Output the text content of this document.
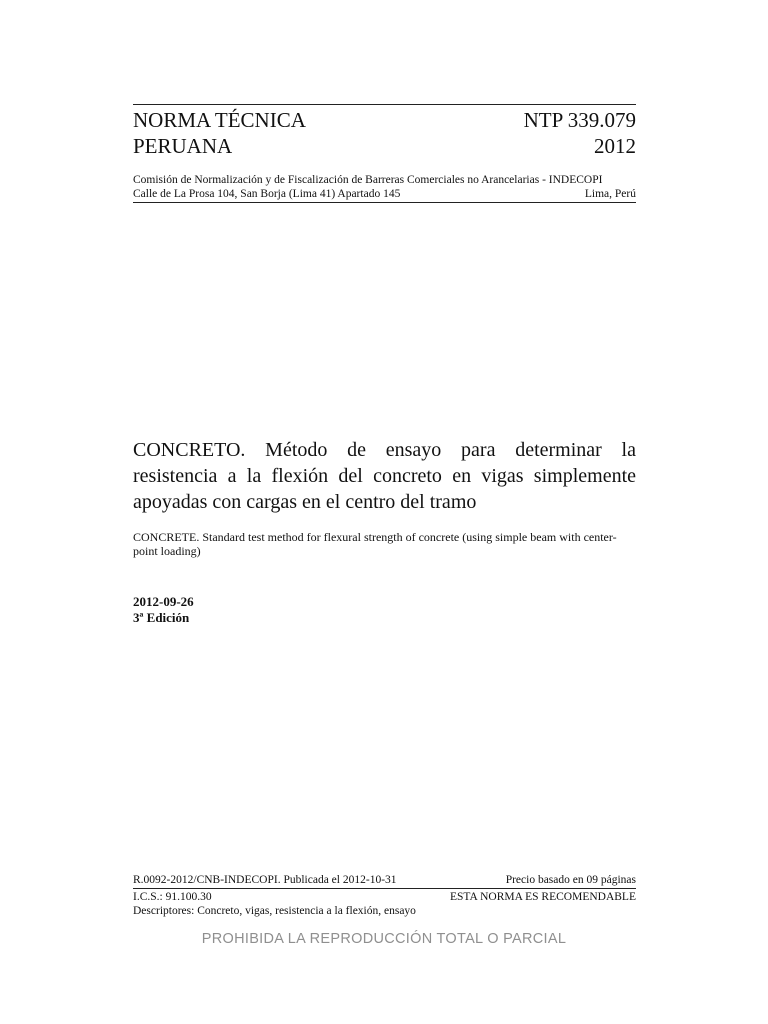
NORMA TÉCNICA	NTP 339.079
PERUANA	2012
Comisión de Normalización y de Fiscalización de Barreras Comerciales no Arancelarias - INDECOPI
Calle de La Prosa 104, San Borja (Lima 41) Apartado 145	Lima, Perú
CONCRETO. Método de ensayo para determinar la resistencia a la flexión del concreto en vigas simplemente apoyadas con cargas en el centro del tramo
CONCRETE. Standard test method for flexural strength of concrete (using simple beam with center-point loading)
2012-09-26
3ª Edición
R.0092-2012/CNB-INDECOPI. Publicada el 2012-10-31	Precio basado en 09 páginas
I.C.S.: 91.100.30	ESTA NORMA ES RECOMENDABLE
Descriptores: Concreto, vigas, resistencia a la flexión, ensayo
PROHIBIDA LA REPRODUCCIÓN TOTAL O PARCIAL
